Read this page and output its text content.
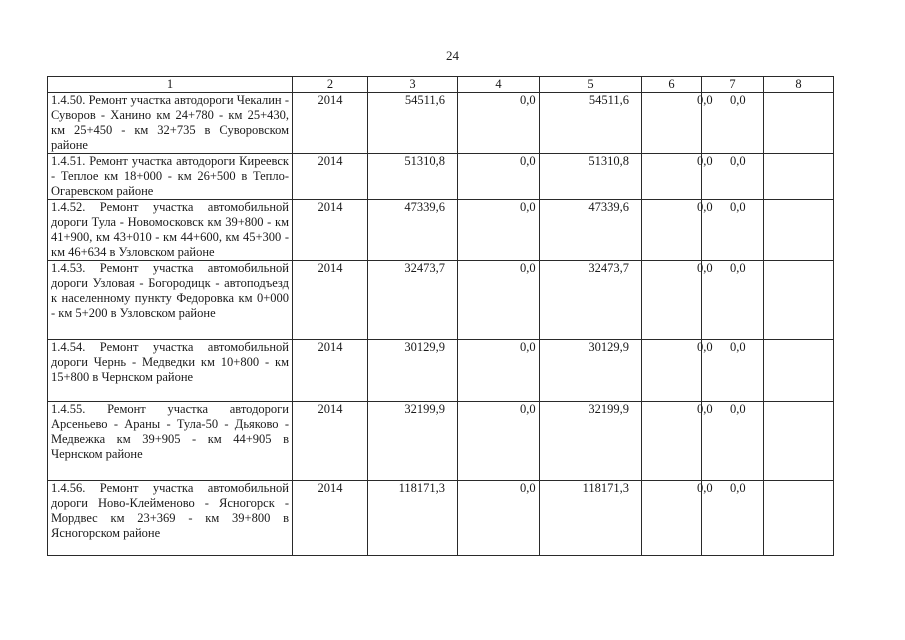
24
1	2	3	4	5	6	7	8
1.4.50. Ремонт участка автодороги Чекалин - Суворов - Ханино км 24+780 - км 25+430, км 25+450 - км 32+735 в Суворовском районе	2014	54511,6	0,0	54511,6	0,0	0,0	
1.4.51. Ремонт участка автодороги Киреевск - Теплое км 18+000 - км 26+500 в Тепло-Огаревском районе	2014	51310,8	0,0	51310,8	0,0	0,0	
1.4.52. Ремонт участка автомобильной дороги Тула - Новомосковск км 39+800 - км 41+900, км 43+010 - км 44+600, км 45+300 - км 46+634 в Узловском районе	2014	47339,6	0,0	47339,6	0,0	0,0	
1.4.53. Ремонт участка автомобильной дороги Узловая - Богородицк - автоподъезд к населенному пункту Федоровка км 0+000 - км 5+200 в Узловском районе	2014	32473,7	0,0	32473,7	0,0	0,0	
1.4.54. Ремонт участка автомобильной дороги Чернь - Медведки км 10+800 - км 15+800 в Чернском районе	2014	30129,9	0,0	30129,9	0,0	0,0	
1.4.55. Ремонт участка автодороги Арсеньево - Араны - Тула-50 - Дьяково - Медвежка км 39+905 - км 44+905 в Чернском районе	2014	32199,9	0,0	32199,9	0,0	0,0	
1.4.56. Ремонт участка автомобильной дороги Ново-Клейменово - Ясногорск - Мордвес км 23+369 - км 39+800 в Ясногорском районе	2014	118171,3	0,0	118171,3	0,0	0,0	
